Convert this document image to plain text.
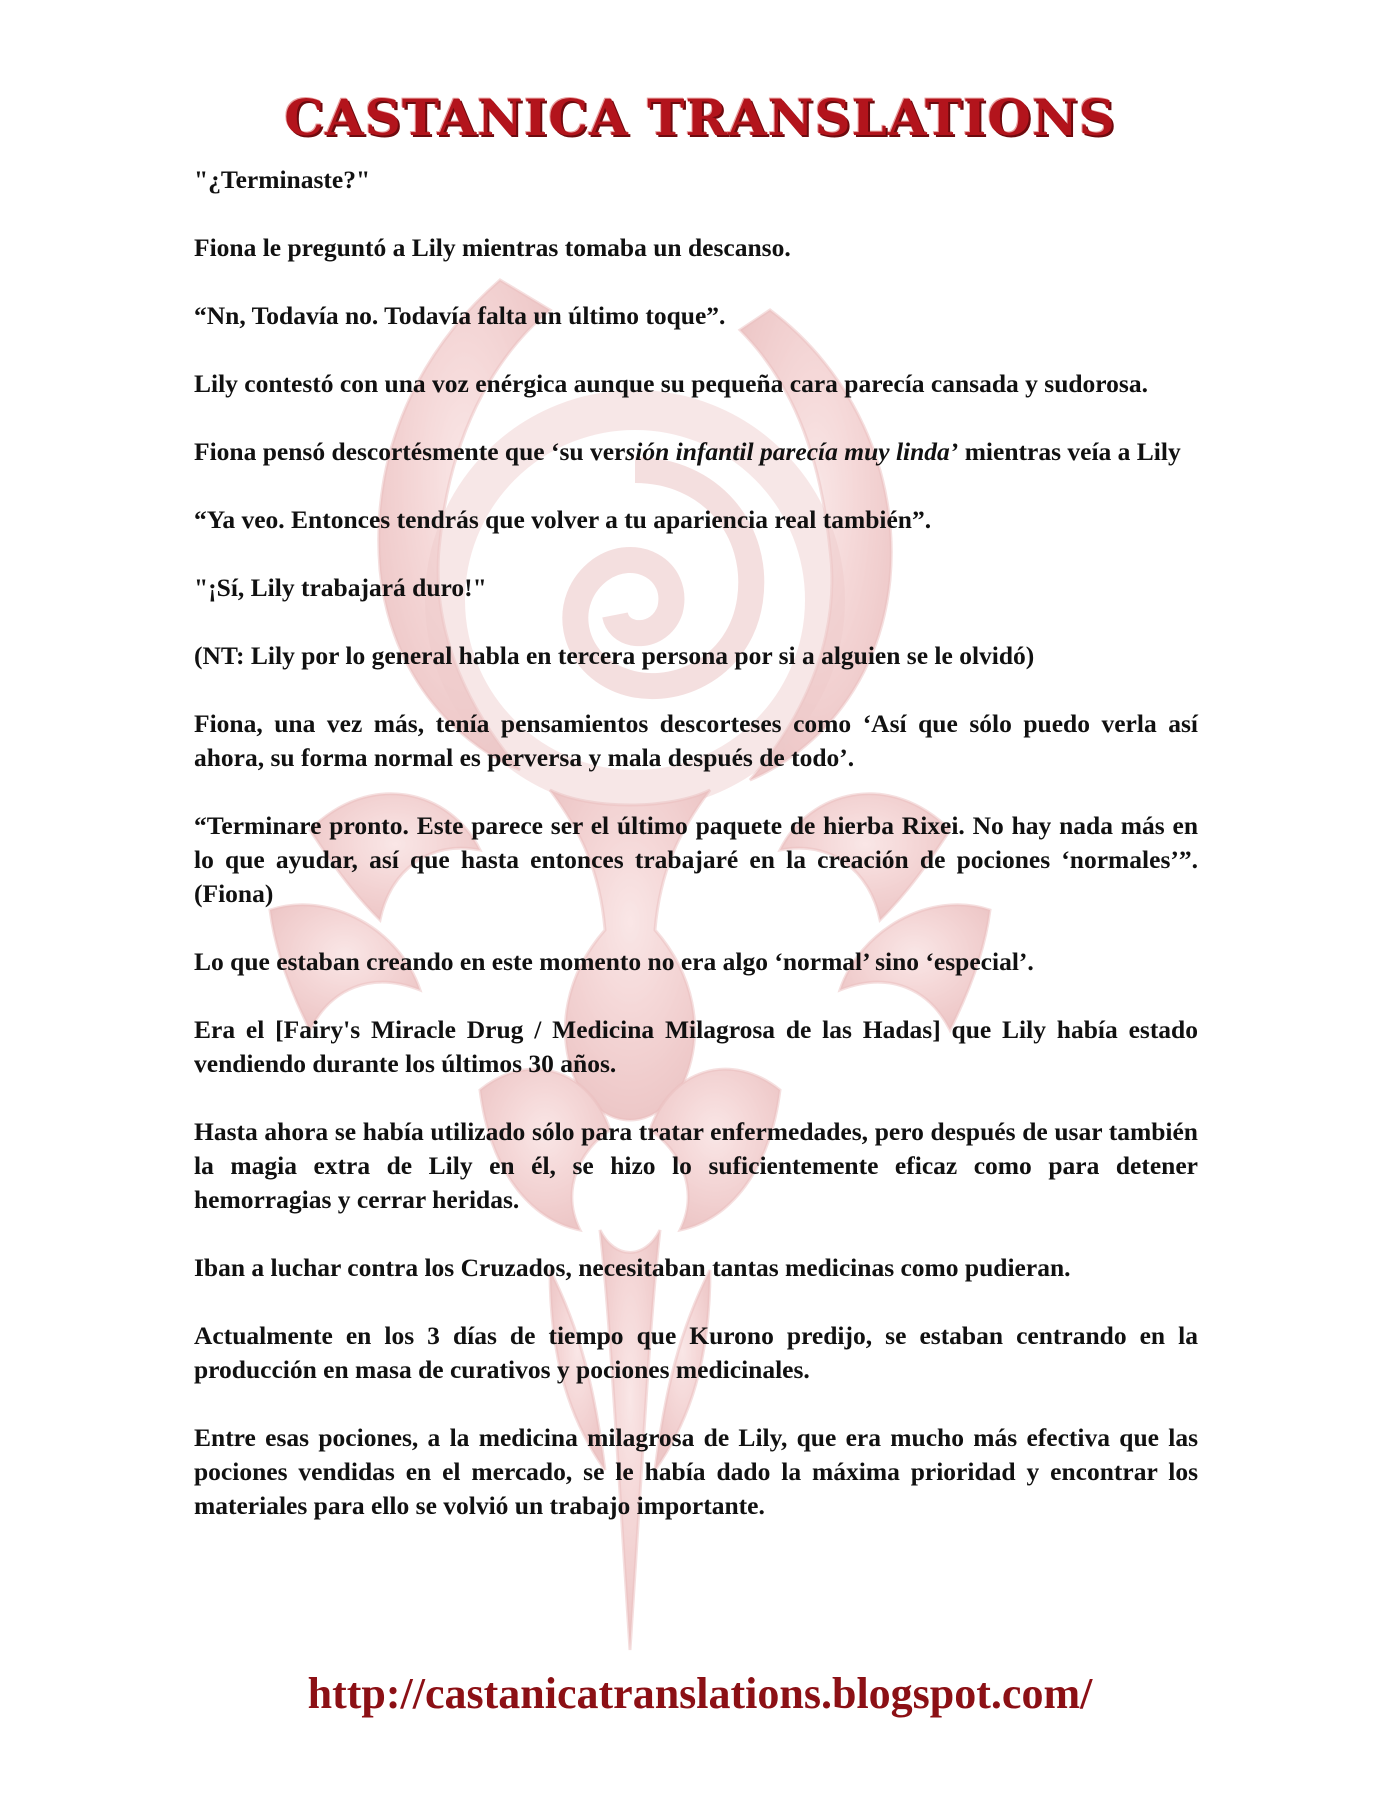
CASTANICA TRANSLATIONS

"¿Terminaste?"

Fiona le preguntó a Lily mientras tomaba un descanso.

“Nn, Todavía no. Todavía falta un último toque”.

Lily contestó con una voz enérgica aunque su pequeña cara parecía cansada y sudorosa.

Fiona pensó descortésmente que ‘su versión infantil parecía muy linda’ mientras veía a Lily

“Ya veo. Entonces tendrás que volver a tu apariencia real también”.

"¡Sí, Lily trabajará duro!"

(NT: Lily por lo general habla en tercera persona por si a alguien se le olvidó)

Fiona, una vez más, tenía pensamientos descorteses como ‘Así que sólo puedo verla así ahora, su forma normal es perversa y mala después de todo’.

“Terminare pronto. Este parece ser el último paquete de hierba Rixei. No hay nada más en lo que ayudar, así que hasta entonces trabajaré en la creación de pociones ‘normales’”. (Fiona)

Lo que estaban creando en este momento no era algo ‘normal’ sino ‘especial’.

Era el [Fairy's Miracle Drug / Medicina Milagrosa de las Hadas] que Lily había estado vendiendo durante los últimos 30 años.

Hasta ahora se había utilizado sólo para tratar enfermedades, pero después de usar también la magia extra de Lily en él, se hizo lo suficientemente eficaz como para detener hemorragias y cerrar heridas.

Iban a luchar contra los Cruzados, necesitaban tantas medicinas como pudieran.

Actualmente en los 3 días de tiempo que Kurono predijo, se estaban centrando en la producción en masa de curativos y pociones medicinales.

Entre esas pociones, a la medicina milagrosa de Lily, que era mucho más efectiva que las pociones vendidas en el mercado, se le había dado la máxima prioridad y encontrar los materiales para ello se volvió un trabajo importante.

http://castanicatranslations.blogspot.com/
